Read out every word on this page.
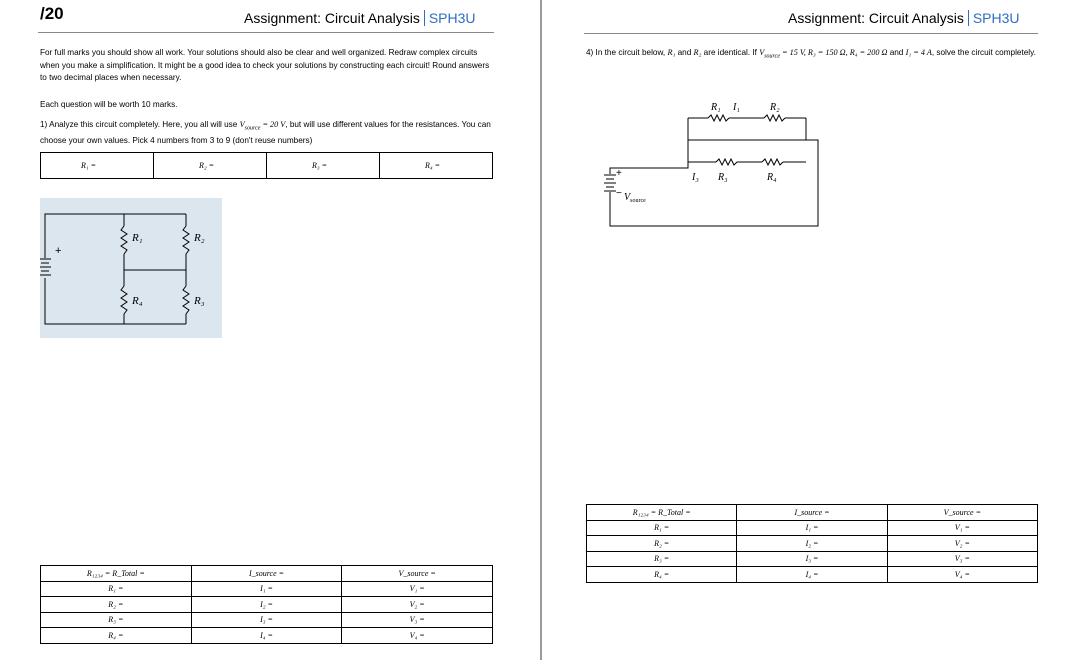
/20	Assignment: Circuit Analysis SPH3U
For full marks you should show all work. Your solutions should also be clear and well organized. Redraw complex circuits when you make a simplification. It might be a good idea to check your solutions by constructing each circuit! Round answers to two decimal places when necessary.
Each question will be worth 10 marks.
1) Analyze this circuit completely. Here, you all will use $V_{source} = 20$ V, but will use different values for the resistances. You can choose your own values. Pick 4 numbers from 3 to 9 (don't reuse numbers)
R₁ =	R₂ =	R₃ =	R₄ =
+
R₁	R₂
R₄	R₃
R₁₂₃₄ = R_Total =	I_source =	V_source =
R₁ =	I₁ =	V₁ =
R₂ =	I₂ =	V₂ =
R₃ =	I₃ =	V₃ =
R₄ =	I₄ =	V₄ =
Assignment: Circuit Analysis SPH3U
4) In the circuit below, R₁ and R₂ are identical. If $V_{source} = 15$ V, R₃ = 150 Ω, R₄ = 200 Ω and I₁ = 4 A, solve the circuit completely.
+
− $V_{source}$
R₁ I₁	R₂
I₃ R₃	R₄
R₁₂₃₄ = R_Total =	I_source =	V_source =
R₁ =	I₁ =	V₁ =
R₂ =	I₂ =	V₂ =
R₃ =	I₃ =	V₃ =
R₄ =	I₄ =	V₄ =
